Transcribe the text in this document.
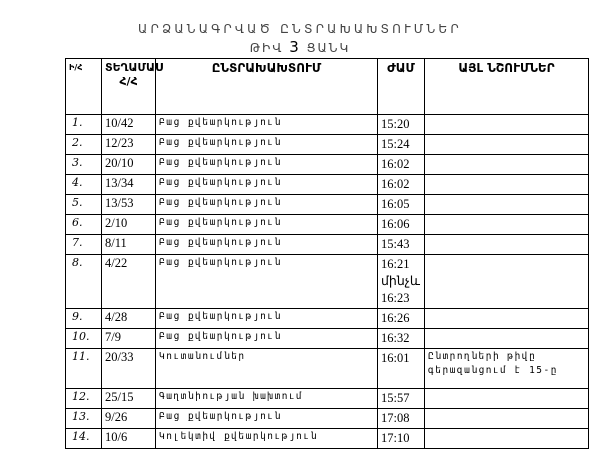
ԱՐՁԱՆԱԳՐՎԱԾ ԸՆՏՐԱԽԱԽՏՈՒՄՆԵՐ
ԹԻՎ 3 ՑԱՆԿ
Ի/Հ	ՏԵՂԱՄԱՍ Հ/Հ	ԸՆՏՐԱԽԱԽՏՈՒՄ	ԺԱՄ	ԱՅԼ ՆՇՈՒՄՆԵՐ
1.	10/42	Բաց քվեարկություն	15:20	
2.	12/23	Բաց քվեարկություն	15:24	
3.	20/10	Բաց քվեարկություն	16:02	
4.	13/34	Բաց քվեարկություն	16:02	
5.	13/53	Բաց քվեարկություն	16:05	
6.	2/10	Բաց քվեարկություն	16:06	
7.	8/11	Բաց քվեարկություն	15:43	
8.	4/22	Բաց քվեարկություն	16:21 մինչև 16:23	
9.	4/28	Բաց քվեարկություն	16:26	
10.	7/9	Բաց քվեարկություն	16:32	
11.	20/33	Կուտանումներ	16:01	Ընտրողների թիվը գերազանցում է 15-ը
12.	25/15	Գաղտնիության խախտում	15:57	
13.	9/26	Բաց քվեարկություն	17:08	
14.	10/6	Կոլեկտիվ քվեարկություն	17:10	
